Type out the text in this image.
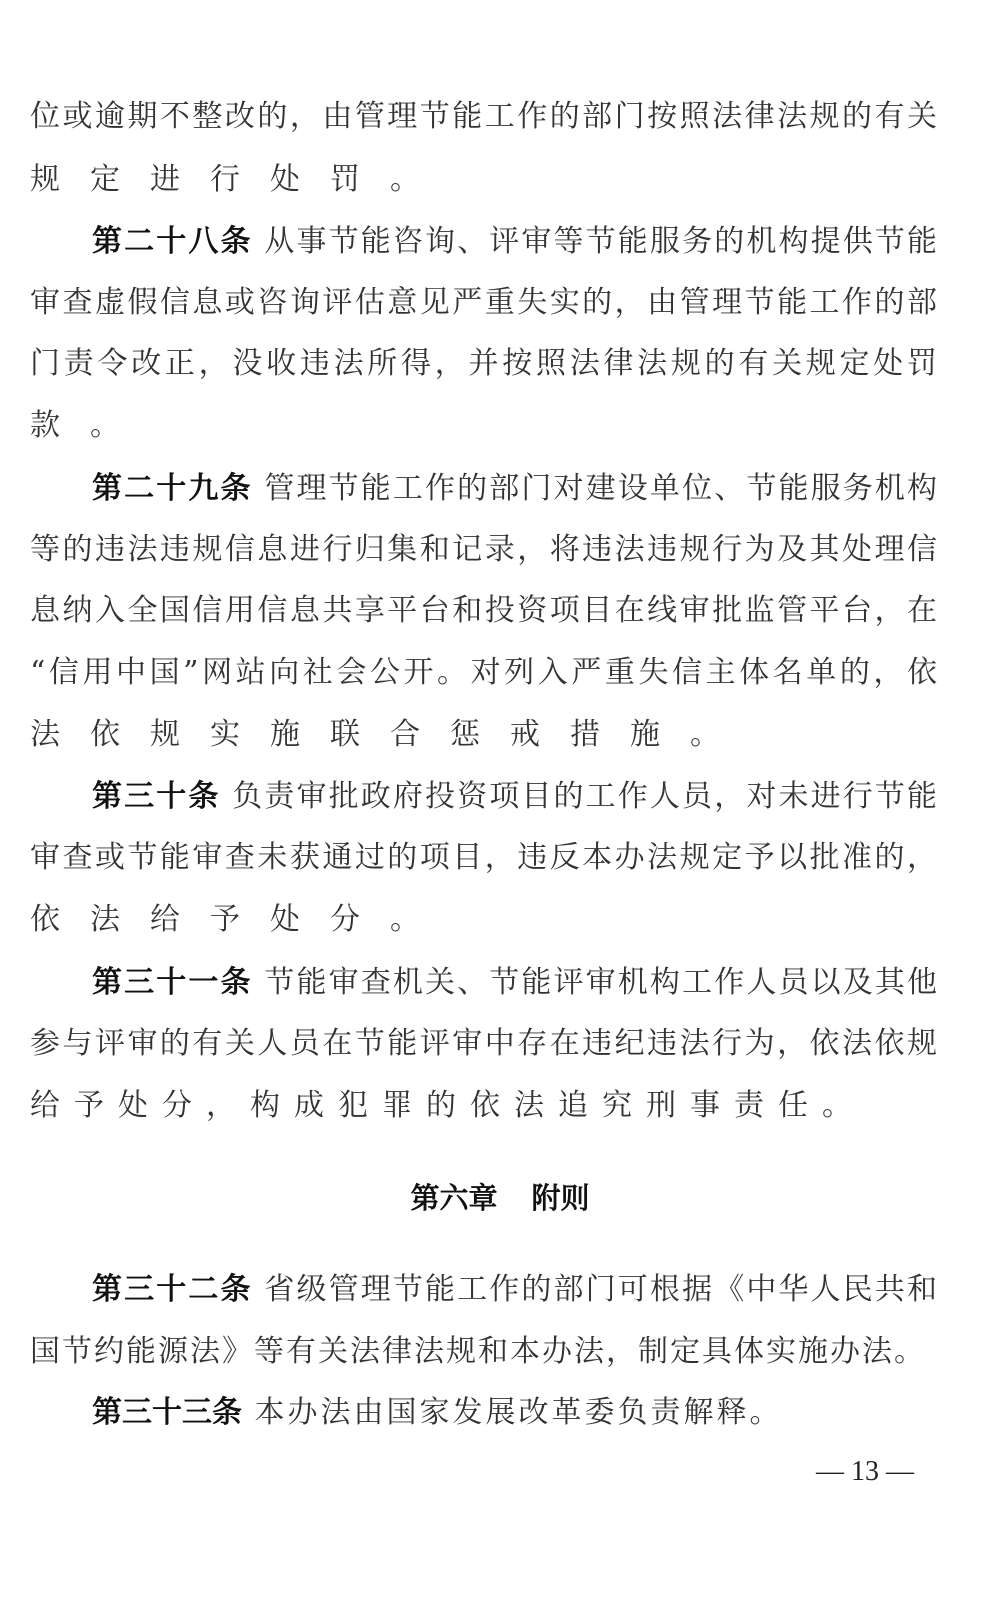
位或逾期不整改的，由管理节能工作的部门按照法律法规的有关
规定进行处罚。
第二十八条 从事节能咨询、评审等节能服务的机构提供节能
审查虚假信息或咨询评估意见严重失实的，由管理节能工作的部
门责令改正，没收违法所得，并按照法律法规的有关规定处罚
款。
第二十九条 管理节能工作的部门对建设单位、节能服务机构
等的违法违规信息进行归集和记录，将违法违规行为及其处理信
息纳入全国信用信息共享平台和投资项目在线审批监管平台，在
“信用中国”网站向社会公开。对列入严重失信主体名单的，依
法依规实施联合惩戒措施。
第三十条 负责审批政府投资项目的工作人员，对未进行节能
审查或节能审查未获通过的项目，违反本办法规定予以批准的，
依法给予处分。
第三十一条 节能审查机关、节能评审机构工作人员以及其他
参与评审的有关人员在节能评审中存在违纪违法行为，依法依规
给予处分，构成犯罪的依法追究刑事责任。
第六章 附则
第三十二条 省级管理节能工作的部门可根据《中华人民共和
国节约能源法》等有关法律法规和本办法，制定具体实施办法。
第三十三条 本办法由国家发展改革委负责解释。
— 13 —
